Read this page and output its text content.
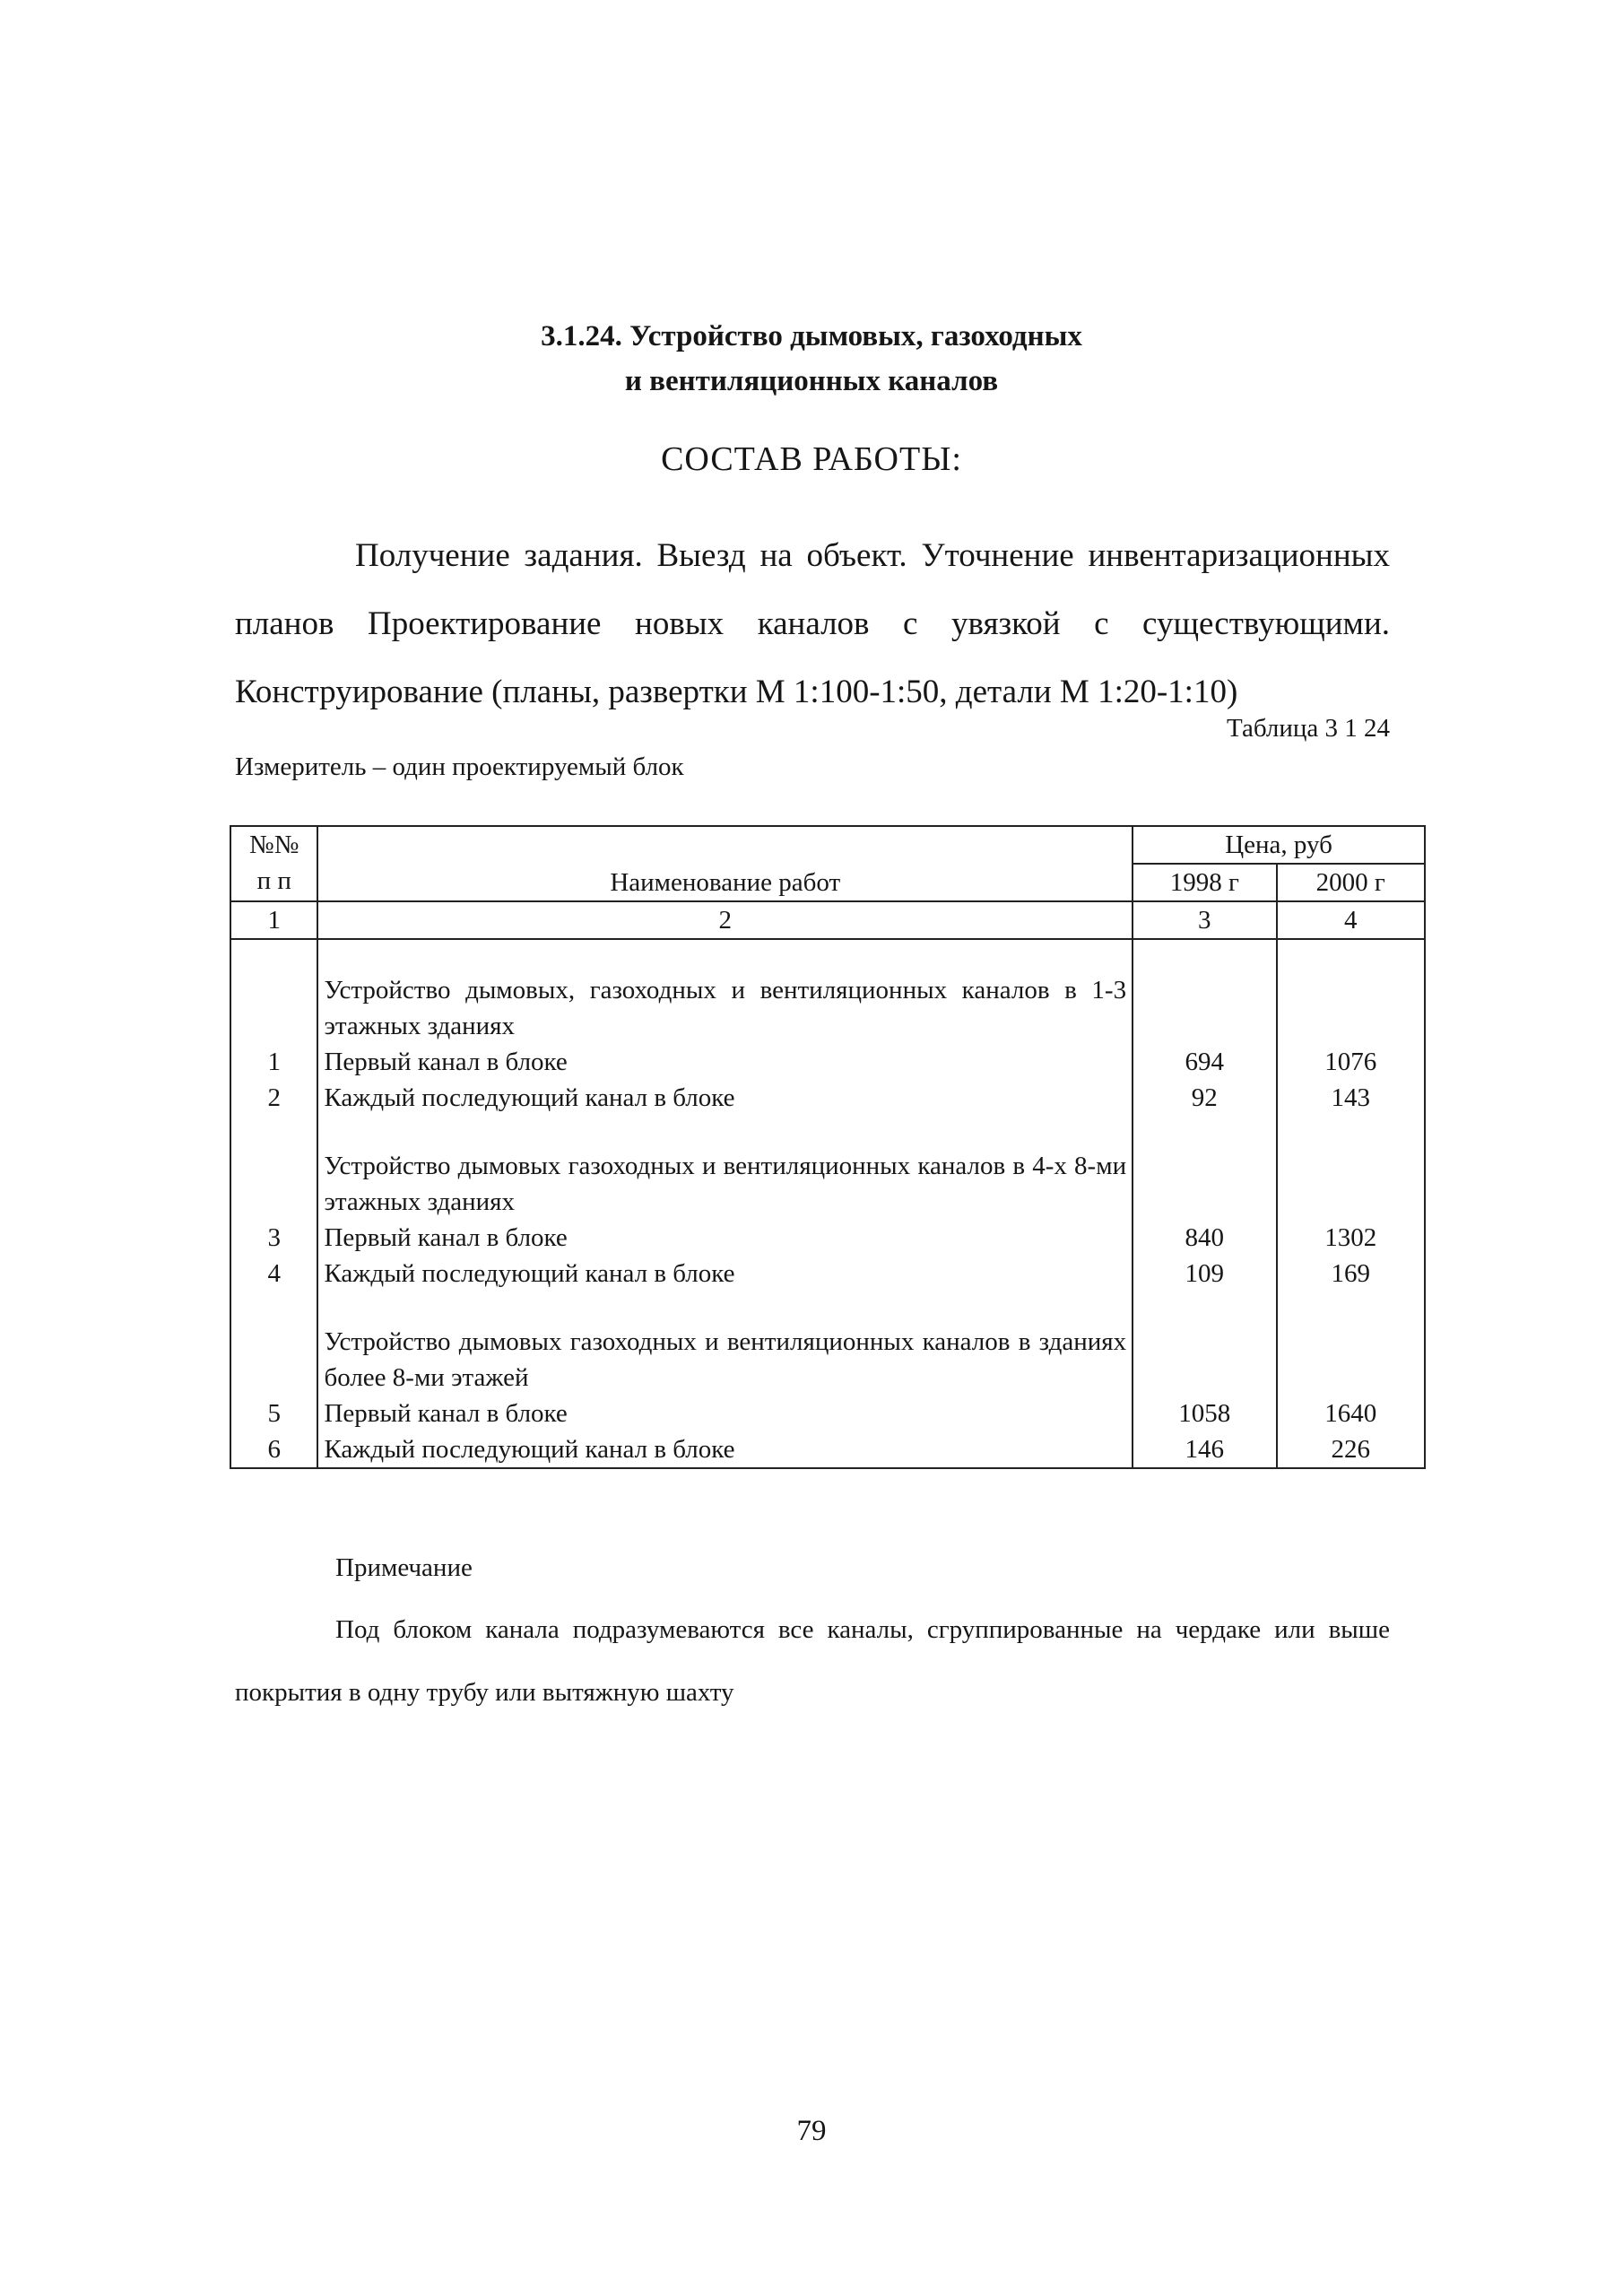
3.1.24. Устройство дымовых, газоходных
и вентиляционных каналов
СОСТАВ РАБОТЫ:

Получение задания. Выезд на объект. Уточнение инвентаризационных планов Проектирование новых каналов с увязкой с существующими. Конструирование (планы, развертки М 1:100-1:50, детали М 1:20-1:10)

Таблица 3 1 24
Измеритель – один проектируемый блок
№№
п п	Наименование работ	Цена, руб	
		1998 г	2000 г
1	2	3	4

	Устройство дымовых, газоходных и вентиляционных каналов в 1-3 этажных зданиях		

1	Первый канал в блоке	694	1076
2	Каждый последующий канал в блоке	92	143

	Устройство дымовых газоходных и вентиляционных каналов в 4-х 8-ми этажных зданиях		

3	Первый канал в блоке	840	1302
4	Каждый последующий канал в блоке	109	169

	Устройство дымовых газоходных и вентиляционных каналов в зданиях более 8-ми этажей		

5	Первый канал в блоке	1058	1640
6	Каждый последующий канал в блоке	146	226
Примечание

Под блоком канала подразумеваются все каналы, сгруппированные на чердаке или выше покрытия в одну трубу или вытяжную шахту

79
